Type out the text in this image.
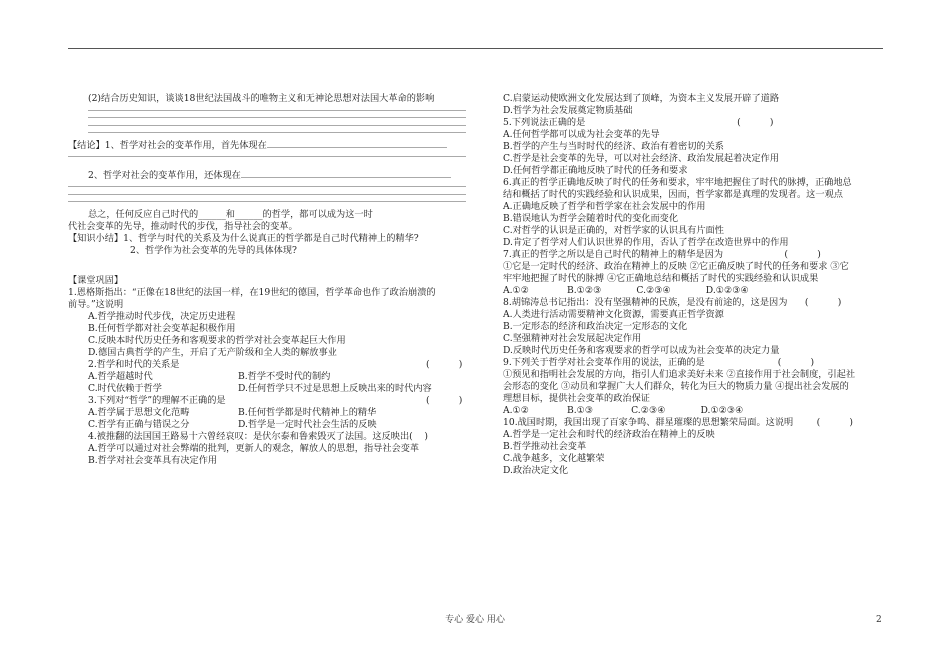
(2)结合历史知识，谈谈18世纪法国战斗的唯物主义和无神论思想对法国大革命的影响
【结论】1、哲学对社会的变革作用，首先体现在
2、哲学对社会的变革作用，还体现在
总之，任何反应自己时代的______和______的哲学，都可以成为这一时
代社会变革的先导，推动时代的步伐，指导社会的变革。
【知识小结】1、哲学与时代的关系及为什么说真正的哲学都是自己时代精神上的精华?
2、哲学作为社会变革的先导的具体体现?
【课堂巩固】
1.恩格斯指出：“正像在18世纪的法国一样，在19世纪的德国，哲学革命也作了政治崩溃的
前导。”这说明
A.哲学推动时代步伐，决定历史进程
B.任何哲学都对社会变革起积极作用
C.反映本时代历史任务和客观要求的哲学对社会变革起巨大作用
D.德国古典哲学的产生，开启了无产阶级和全人类的解放事业
2.哲学和时代的关系是	(          )
A.哲学超越时代	B.哲学不受时代的制约
C.时代依赖于哲学	D.任何哲学只不过是思想上反映出来的时代内容
3.下列对“哲学”的理解不正确的是	(          )
A.哲学属于思想文化范畴	B.任何哲学都是时代精神上的精华
C.哲学有正确与错误之分	D.哲学是一定时代社会生活的反映
4.被推翻的法国国王路易十六曾经哀叹：是伏尔泰和鲁索毁灭了法国。这反映出(    )
A.哲学可以通过对社会弊端的批判，更新人的观念，解放人的思想，指导社会变革
B.哲学对社会变革具有决定作用
C.启蒙运动使欧洲文化发展达到了顶峰，为资本主义发展开辟了道路
D.哲学为社会发展奠定物质基础
5.下列说法正确的是                                                    (          )
A.任何哲学都可以成为社会变革的先导
B.哲学的产生与当时时代的经济、政治有着密切的关系
C.哲学是社会变革的先导，可以对社会经济、政治发展起着决定作用
D.任何哲学都正确地反映了时代的任务和要求
6.真正的哲学正确地反映了时代的任务和要求，牢牢地把握住了时代的脉搏，正确地总
结和概括了时代的实践经验和认识成果，因而，哲学家都是真理的发现者。这一观点
A.正确地反映了哲学和哲学家在社会发展中的作用
B.错误地认为哲学会随着时代的变化而变化
C.对哲学的认识是正确的，对哲学家的认识具有片面性
D.肯定了哲学对人们认识世界的作用，否认了哲学在改造世界中的作用
7.真正的哲学之所以是自己时代的精神上的精华是因为                     (          )
①它是一定时代的经济、政治在精神上的反映 ②它正确反映了时代的任务和要求 ③它
牢牢地把握了时代的脉搏 ④它正确地总结和概括了时代的实践经验和认识成果
A.①②             B.①②③            C.②③④            D.①②③④
8.胡锦涛总书记指出：没有坚强精神的民族，是没有前途的，这是因为      (          )
A.人类进行活动需要精神文化资源，需要真正哲学资源
B.一定形态的经济和政治决定一定形态的文化
C.坚强精神对社会发展起决定作用
D.反映时代历史任务和客观要求的哲学可以成为社会变革的决定力量
9.下列关于哲学对社会变革作用的说法，正确的是                         (          )
①预见和指明社会发展的方向，指引人们追求美好未来 ②直接作用于社会制度，引起社
会形态的变化 ③动员和掌握广大人们群众，转化为巨大的物质力量 ④提出社会发展的
理想目标，提供社会变革的政治保证
A.①②             B.①③             C.②③④            D.①②③④
10.战国时期，我国出现了百家争鸣、群星璀璨的思想繁荣局面。这说明        (          )
A.哲学是一定社会和时代的经济政治在精神上的反映
B.哲学推动社会变革
C.战争越多，文化越繁荣
D.政治决定文化
专心 爱心 用心	2
